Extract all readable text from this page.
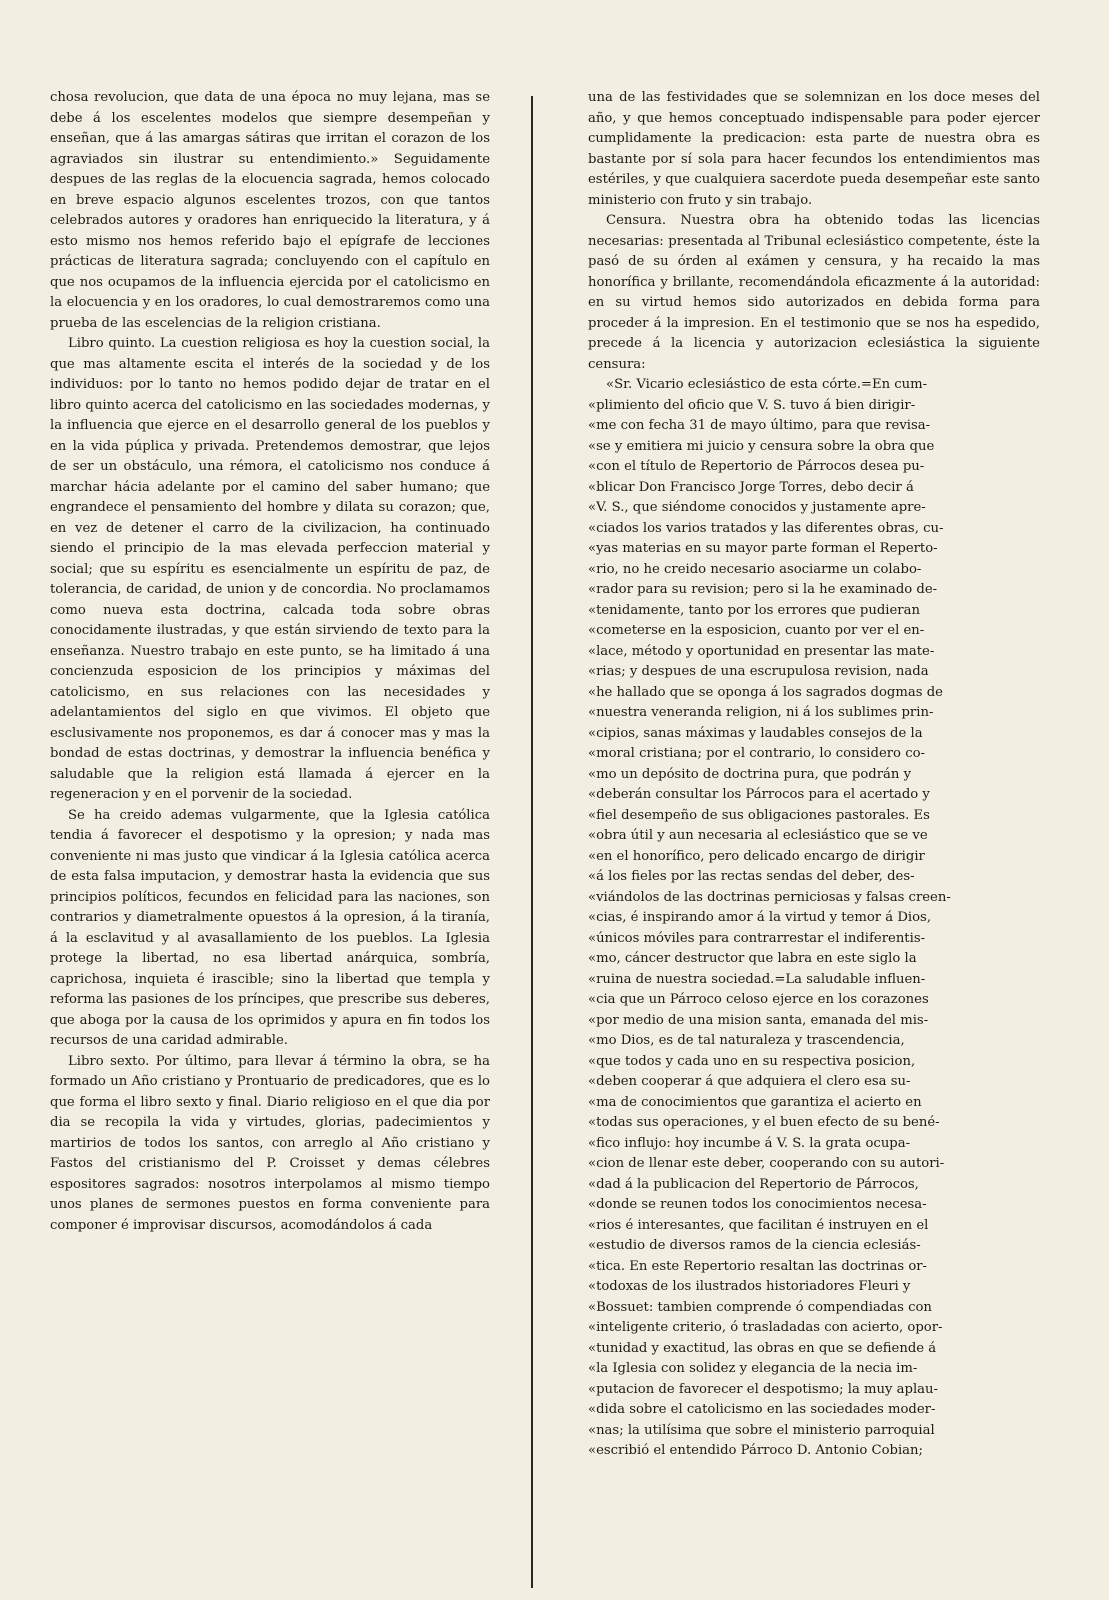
chosa revolucion, que data de una época no muy lejana, mas se debe á los escelentes modelos que siempre desempeñan y enseñan, que á las amargas sátiras que irritan el corazon de los agraviados sin ilustrar su entendimiento.» Seguidamente despues de las reglas de la elocuencia sagrada, hemos colocado en breve espacio algunos escelentes trozos, con que tantos celebrados autores y oradores han enriquecido la literatura, y á esto mismo nos hemos referido bajo el epígrafe de lecciones prácticas de literatura sagrada; concluyendo con el capítulo en que nos ocupamos de la influencia ejercida por el catolicismo en la elocuencia y en los oradores, lo cual demostraremos como una prueba de las escelencias de la religion cristiana.

Libro quinto. La cuestion religiosa es hoy la cuestion social, la que mas altamente escita el interés de la sociedad y de los individuos: por lo tanto no hemos podido dejar de tratar en el libro quinto acerca del catolicismo en las sociedades modernas, y la influencia que ejerce en el desarrollo general de los pueblos y en la vida púplica y privada. Pretendemos demostrar, que lejos de ser un obstáculo, una rémora, el catolicismo nos conduce á marchar hácia adelante por el camino del saber humano; que engrandece el pensamiento del hombre y dilata su corazon; que, en vez de detener el carro de la civilizacion, ha continuado siendo el principio de la mas elevada perfeccion material y social; que su espíritu es esencialmente un espíritu de paz, de tolerancia, de caridad, de union y de concordia. No proclamamos como nueva esta doctrina, calcada toda sobre obras conocidamente ilustradas, y que están sirviendo de texto para la enseñanza. Nuestro trabajo en este punto, se ha limitado á una concienzuda esposicion de los principios y máximas del catolicismo, en sus relaciones con las necesidades y adelantamientos del siglo en que vivimos. El objeto que esclusivamente nos proponemos, es dar á conocer mas y mas la bondad de estas doctrinas, y demostrar la influencia benéfica y saludable que la religion está llamada á ejercer en la regeneracion y en el porvenir de la sociedad.

Se ha creido ademas vulgarmente, que la Iglesia católica tendia á favorecer el despotismo y la opresion; y nada mas conveniente ni mas justo que vindicar á la Iglesia católica acerca de esta falsa imputacion, y demostrar hasta la evidencia que sus principios políticos, fecundos en felicidad para las naciones, son contrarios y diametralmente opuestos á la opresion, á la tiranía, á la esclavitud y al avasallamiento de los pueblos. La Iglesia protege la libertad, no esa libertad anárquica, sombría, caprichosa, inquieta é irascible; sino la libertad que templa y reforma las pasiones de los príncipes, que prescribe sus deberes, que aboga por la causa de los oprimidos y apura en fin todos los recursos de una caridad admirable.

Libro sexto. Por último, para llevar á término la obra, se ha formado un Año cristiano y Prontuario de predicadores, que es lo que forma el libro sexto y final. Diario religioso en el que dia por dia se recopila la vida y virtudes, glorias, padecimientos y martirios de todos los santos, con arreglo al Año cristiano y Fastos del cristianismo del P. Croisset y demas célebres espositores sagrados: nosotros interpolamos al mismo tiempo unos planes de sermones puestos en forma conveniente para componer é improvisar discursos, acomodándolos á cada

una de las festividades que se solemnizan en los doce meses del año, y que hemos conceptuado indispensable para poder ejercer cumplidamente la predicacion: esta parte de nuestra obra es bastante por sí sola para hacer fecundos los entendimientos mas estériles, y que cualquiera sacerdote pueda desempeñar este santo ministerio con fruto y sin trabajo.

Censura. Nuestra obra ha obtenido todas las licencias necesarias: presentada al Tribunal eclesiástico competente, éste la pasó de su órden al exámen y censura, y ha recaido la mas honorífica y brillante, recomendándola eficazmente á la autoridad: en su virtud hemos sido autorizados en debida forma para proceder á la impresion. En el testimonio que se nos ha espedido, precede á la licencia y autorizacion eclesiástica la siguiente censura:

«Sr. Vicario eclesiástico de esta córte.=En cum-
«plimiento del oficio que V. S. tuvo á bien dirigir-
«me con fecha 31 de mayo último, para que revisa-
«se y emitiera mi juicio y censura sobre la obra que
«con el título de Repertorio de Párrocos desea pu-
«blicar Don Francisco Jorge Torres, debo decir á
«V. S., que siéndome conocidos y justamente apre-
«ciados los varios tratados y las diferentes obras, cu-
«yas materias en su mayor parte forman el Reperto-
«rio, no he creido necesario asociarme un colabo-
«rador para su revision; pero si la he examinado de-
«tenidamente, tanto por los errores que pudieran
«cometerse en la esposicion, cuanto por ver el en-
«lace, método y oportunidad en presentar las mate-
«rias; y despues de una escrupulosa revision, nada
«he hallado que se oponga á los sagrados dogmas de
«nuestra veneranda religion, ni á los sublimes prin-
«cipios, sanas máximas y laudables consejos de la
«moral cristiana; por el contrario, lo considero co-
«mo un depósito de doctrina pura, que podrán y
«deberán consultar los Párrocos para el acertado y
«fiel desempeño de sus obligaciones pastorales. Es
«obra útil y aun necesaria al eclesiástico que se ve
«en el honorífico, pero delicado encargo de dirigir
«á los fieles por las rectas sendas del deber, des-
«viándolos de las doctrinas perniciosas y falsas creen-
«cias, é inspirando amor á la virtud y temor á Dios,
«únicos móviles para contrarrestar el indiferentis-
«mo, cáncer destructor que labra en este siglo la
«ruina de nuestra sociedad.=La saludable influen-
«cia que un Párroco celoso ejerce en los corazones
«por medio de una mision santa, emanada del mis-
«mo Dios, es de tal naturaleza y trascendencia,
«que todos y cada uno en su respectiva posicion,
«deben cooperar á que adquiera el clero esa su-
«ma de conocimientos que garantiza el acierto en
«todas sus operaciones, y el buen efecto de su bené-
«fico influjo: hoy incumbe á V. S. la grata ocupa-
«cion de llenar este deber, cooperando con su autori-
«dad á la publicacion del Repertorio de Párrocos,
«donde se reunen todos los conocimientos necesa-
«rios é interesantes, que facilitan é instruyen en el
«estudio de diversos ramos de la ciencia eclesiás-
«tica. En este Repertorio resaltan las doctrinas or-
«todoxas de los ilustrados historiadores Fleuri y
«Bossuet: tambien comprende ó compendiadas con
«inteligente criterio, ó trasladadas con acierto, opor-
«tunidad y exactitud, las obras en que se defiende á
«la Iglesia con solidez y elegancia de la necia im-
«putacion de favorecer el despotismo; la muy aplau-
«dida sobre el catolicismo en las sociedades moder-
«nas; la utilísima que sobre el ministerio parroquial
«escribió el entendido Párroco D. Antonio Cobian;
